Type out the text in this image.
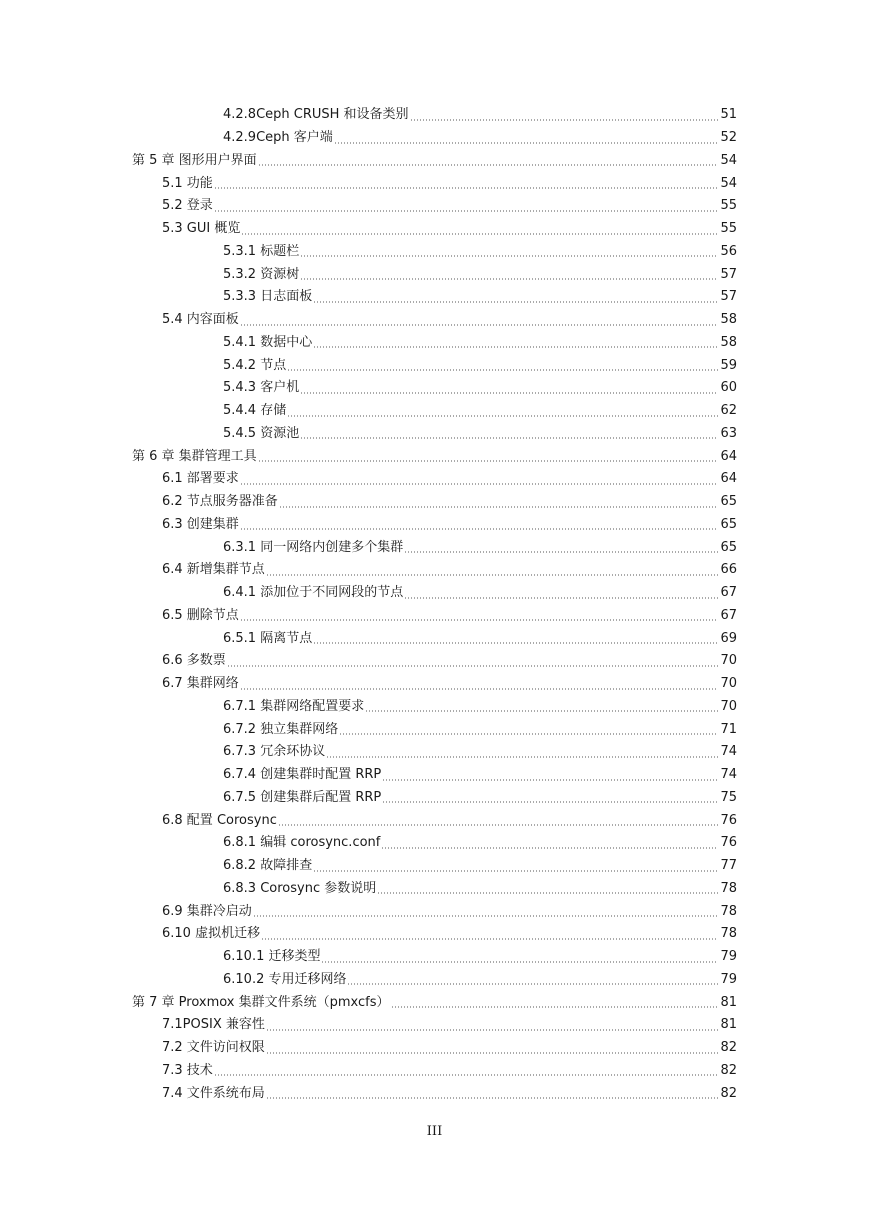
4.2.8Ceph CRUSH 和设备类别	51
4.2.9Ceph 客户端	52
第 5 章 图形用户界面	54
5.1 功能	54
5.2 登录	55
5.3 GUI 概览	55
5.3.1 标题栏	56
5.3.2 资源树	57
5.3.3 日志面板	57
5.4 内容面板	58
5.4.1 数据中心	58
5.4.2 节点	59
5.4.3 客户机	60
5.4.4 存储	62
5.4.5 资源池	63
第 6 章 集群管理工具	64
6.1 部署要求	64
6.2 节点服务器准备	65
6.3 创建集群	65
6.3.1 同一网络内创建多个集群	65
6.4 新增集群节点	66
6.4.1 添加位于不同网段的节点	67
6.5 删除节点	67
6.5.1 隔离节点	69
6.6 多数票	70
6.7 集群网络	70
6.7.1 集群网络配置要求	70
6.7.2 独立集群网络	71
6.7.3 冗余环协议	74
6.7.4 创建集群时配置 RRP	74
6.7.5 创建集群后配置 RRP	75
6.8 配置 Corosync	76
6.8.1 编辑 corosync.conf	76
6.8.2 故障排查	77
6.8.3 Corosync 参数说明	78
6.9 集群冷启动	78
6.10 虚拟机迁移	78
6.10.1 迁移类型	79
6.10.2 专用迁移网络	79
第 7 章 Proxmox 集群文件系统（pmxcfs）	81
7.1POSIX 兼容性	81
7.2 文件访问权限	82
7.3 技术	82
7.4 文件系统布局	82
III
